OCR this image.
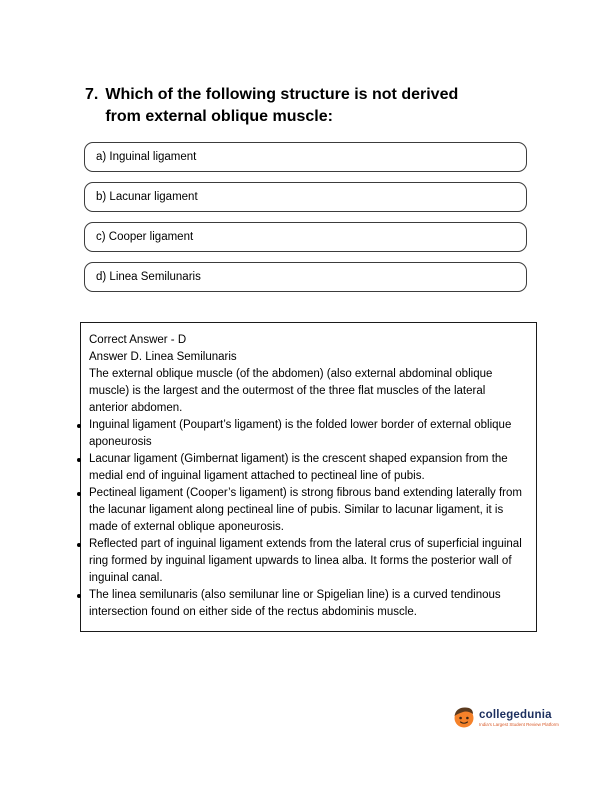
7. Which of the following structure is not derived from external oblique muscle:
a) Inguinal ligament
b) Lacunar ligament
c) Cooper ligament
d) Linea Semilunaris

Correct Answer - D

Answer D. Linea Semilunaris

The external oblique muscle (of the abdomen) (also external abdominal oblique muscle) is the largest and the outermost of the three flat muscles of the lateral anterior abdomen.

Inguinal ligament (Poupart’s ligament) is the folded lower border of external oblique aponeurosis
Lacunar ligament (Gimbernat ligament) is the crescent shaped expansion from the medial end of inguinal ligament attached to pectineal line of pubis.
Pectineal ligament (Cooper’s ligament) is strong fibrous band extending laterally from the lacunar ligament along pectineal line of pubis. Similar to lacunar ligament, it is made of external oblique aponeurosis.
Reflected part of inguinal ligament extends from the lateral crus of superficial inguinal ring formed by inguinal ligament upwards to linea alba. It forms the posterior wall of inguinal canal.
The linea semilunaris (also semilunar line or Spigelian line) is a curved tendinous intersection found on either side of the rectus abdominis muscle.
collegedunia
India's Largest Student Review Platform
